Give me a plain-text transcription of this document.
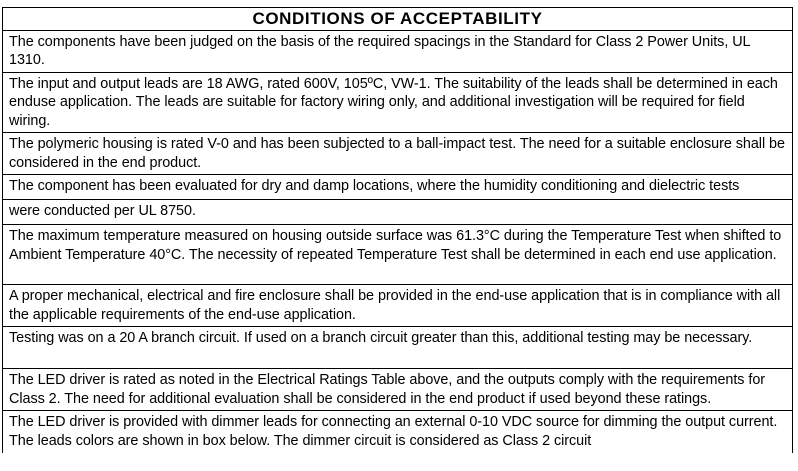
CONDITIONS OF ACCEPTABILITY
The components have been judged on the basis of the required spacings in the Standard for Class 2 Power Units, UL 1310.
The input and output leads are 18 AWG, rated 600V, 105ºC, VW-1. The suitability of the leads shall be determined in each enduse application. The leads are suitable for factory wiring only, and additional investigation will be required for field wiring.
The polymeric housing is rated V-0 and has been subjected to a ball-impact test. The need for a suitable enclosure shall be considered in the end product.
The component has been evaluated for dry and damp locations, where the humidity conditioning and dielectric tests
were conducted per UL 8750.
The maximum temperature measured on housing outside surface was 61.3°C during the Temperature Test when shifted to Ambient Temperature 40°C. The necessity of repeated Temperature Test shall be determined in each end use application.
A proper mechanical, electrical and fire enclosure shall be provided in the end-use application that is in compliance with all the applicable requirements of the end-use application.
Testing was on a 20 A branch circuit. If used on a branch circuit greater than this, additional testing may be necessary.
The LED driver is rated as noted in the Electrical Ratings Table above, and the outputs comply with the requirements for Class 2. The need for additional evaluation shall be considered in the end product if used beyond these ratings.
The LED driver is provided with dimmer leads for connecting an external 0-10 VDC source for dimming the output current. The leads colors are shown in box below. The dimmer circuit is considered as Class 2 circuit
